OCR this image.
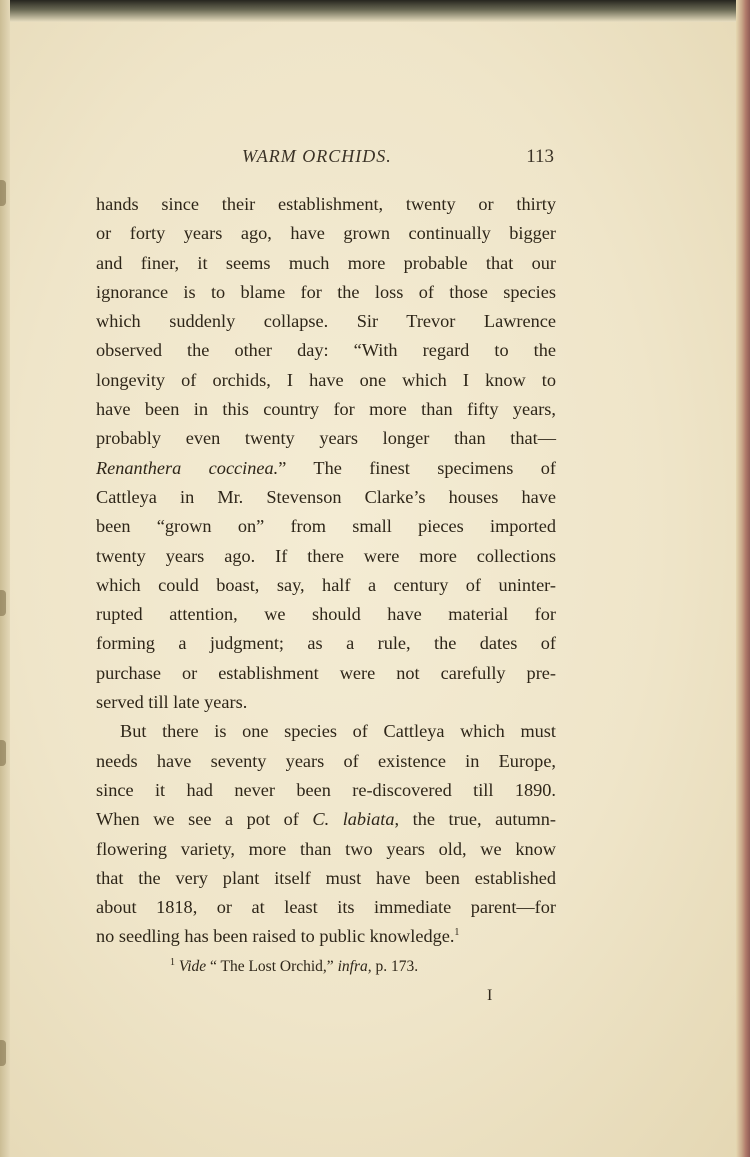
WARM ORCHIDS.	113
hands since their establishment, twenty or thirty
or forty years ago, have grown continually bigger
and finer, it seems much more probable that our
ignorance is to blame for the loss of those species
which suddenly collapse. Sir Trevor Lawrence
observed the other day: “With regard to the
longevity of orchids, I have one which I know to
have been in this country for more than fifty years,
probably even twenty years longer than that—
Renanthera coccinea.” The finest specimens of
Cattleya in Mr. Stevenson Clarke’s houses have
been “grown on” from small pieces imported
twenty years ago. If there were more collections
which could boast, say, half a century of uninter-
rupted attention, we should have material for
forming a judgment; as a rule, the dates of
purchase or establishment were not carefully pre-
served till late years.
But there is one species of Cattleya which must
needs have seventy years of existence in Europe,
since it had never been re-discovered till 1890.
When we see a pot of C. labiata, the true, autumn-
flowering variety, more than two years old, we know
that the very plant itself must have been established
about 1818, or at least its immediate parent—for
no seedling has been raised to public knowledge.$^1$
$^1$ Vide “ The Lost Orchid,” infra, p. 173.
I
